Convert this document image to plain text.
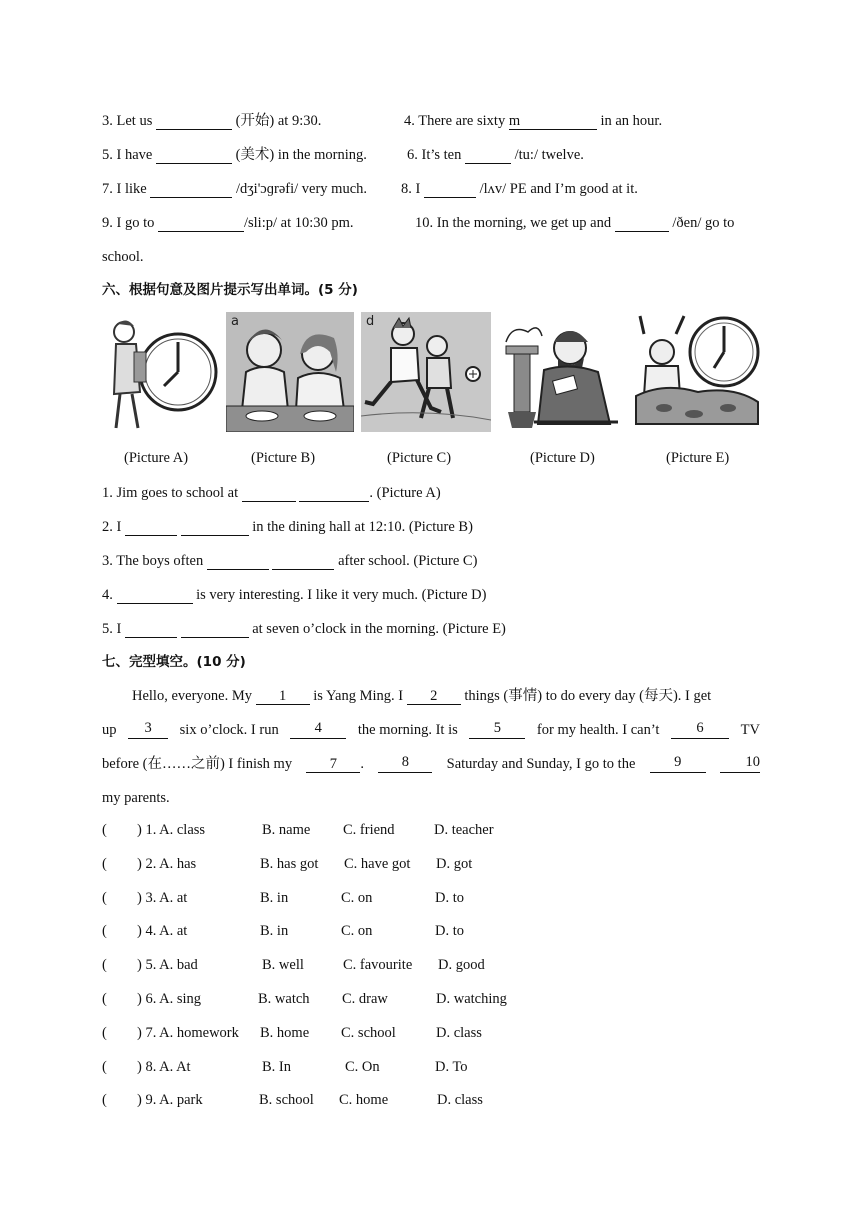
3. Let us	(开始) at 9:30.	4. There are sixty m	in an hour.
5. I have	(美术) in the morning.	6. It’s ten	/tu:/ twelve.
7. I like	/dʒi'ɔɡrəfi/ very much. 8. I	/lʌv/ PE and I’m good at it.
9. I go to	/sli:p/ at 10:30 pm.	10. In the morning, we get up and	/ðen/ go to
school.
六、根据句意及图片提示写出单词。(5 分)
a	d
(Picture A)	(Picture B)	(Picture C)	(Picture D)	(Picture E)
1. Jim goes to school at	. (Picture A)
2. I	in the dining hall at 12:10. (Picture B)
3. The boys often	after school. (Picture C)
4.	is very interesting. I like it very much. (Picture D)
5. I	at seven o’clock in the morning. (Picture E)
七、完型填空。(10 分)
Hello, everyone. My 1 is Yang Ming. I 2 things (事情) to do every day (每天). I get
up	3	six o’clock. I run	4	the morning. It is	5	for my health. I can’t	6	TV
before (在……之前) I finish my	7 .	8	Saturday and Sunday, I go to the	9	10
my parents.
( ) 1. A. class	B. name C. friend	D. teacher
( ) 2. A. has	B. has got C. have got D. got
( ) 3. A. at	B. in	C. on	D. to
( ) 4. A. at	B. in	C. on	D. to
( ) 5. A. bad	B. well	C. favourite D. good
( ) 6. A. sing	B. watch C. draw	D. watching
( ) 7. A. homework B. home C. school	D. class
( ) 8. A. At	B. In	C. On	D. To
( ) 9. A. park	B. school C. home	D. class
